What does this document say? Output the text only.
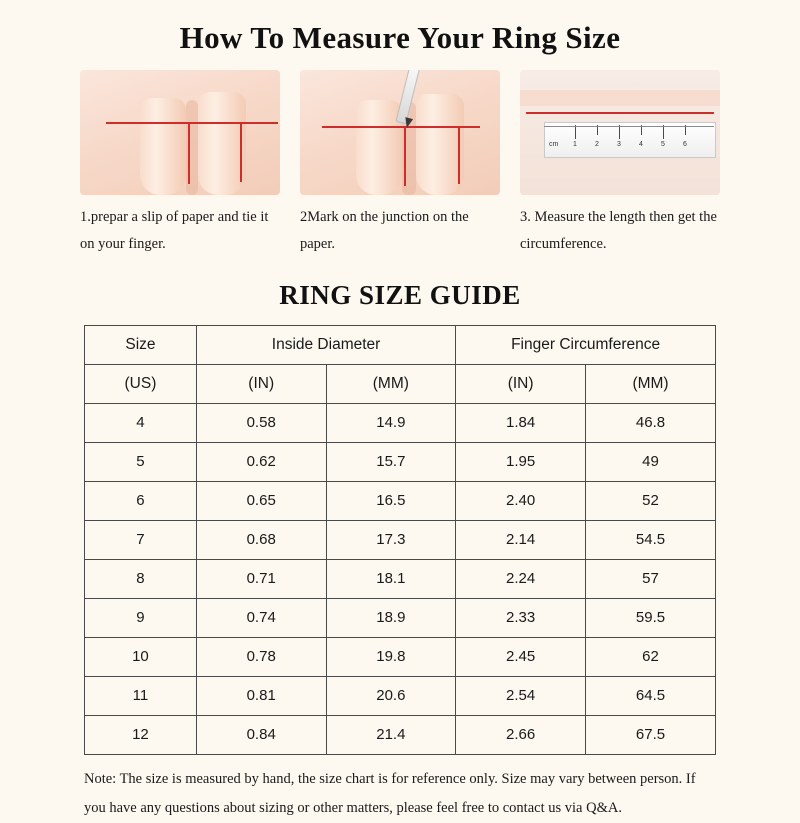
How To Measure Your Ring Size
1.prepar a slip of paper and tie it on your finger.
2Mark on the junction on the paper.
cm 1	2	3	4	5	6
3. Measure the length then get the circumference.
RING SIZE GUIDE
Size	Inside Diameter		Finger Circumference	
(US)	(IN)	(MM)	(IN)	(MM)
4	0.58	14.9	1.84	46.8
5	0.62	15.7	1.95	49
6	0.65	16.5	2.40	52
7	0.68	17.3	2.14	54.5
8	0.71	18.1	2.24	57
9	0.74	18.9	2.33	59.5
10	0.78	19.8	2.45	62
11	0.81	20.6	2.54	64.5
12	0.84	21.4	2.66	67.5
Note: The size is measured by hand, the size chart is for reference only. Size may vary between person. If you have any questions about sizing or other matters, please feel free to contact us via Q&A.
